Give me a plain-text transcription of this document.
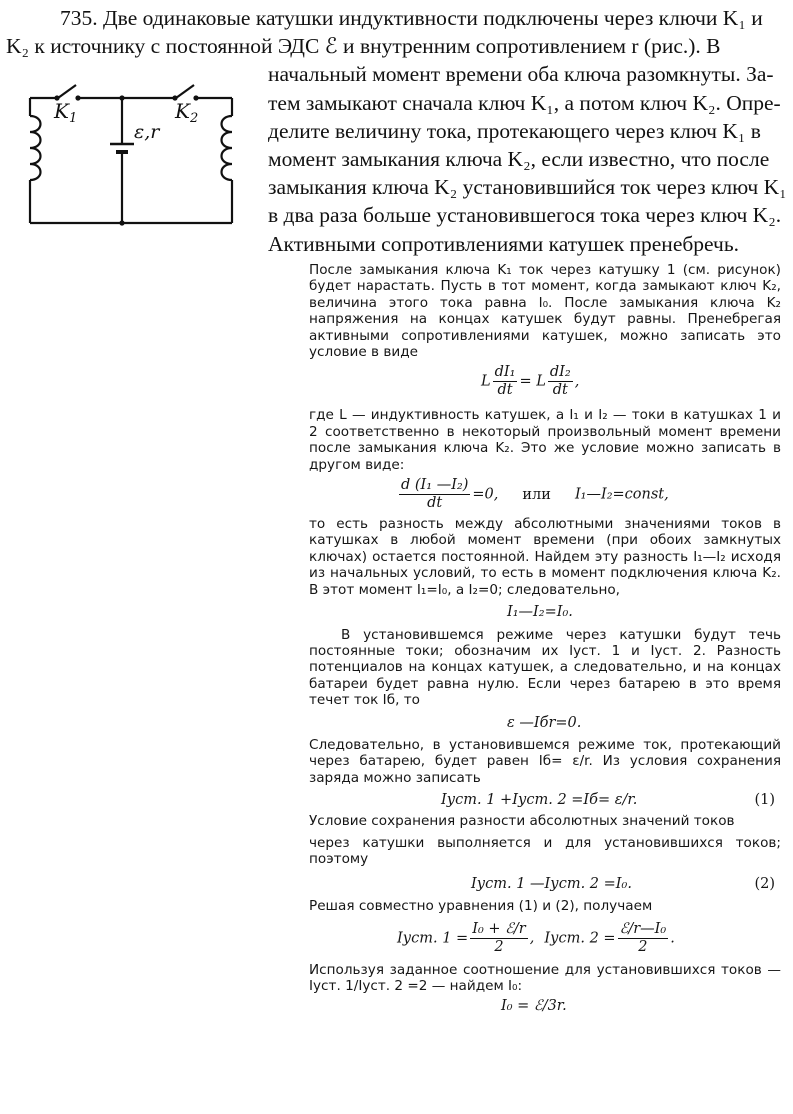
735. Две одинаковые катушки индуктивности подключены через ключи K₁ и

K₂ к источнику с постоянной ЭДС ℰ и внутренним сопротивлением r (рис.). В

начальный момент времени оба ключа разомкнуты. За-

тем замыкают сначала ключ K₁, а потом ключ K₂. Опре-

делите величину тока, протекающего через ключ K₁ в

момент замыкания ключа K₂, если известно, что после

замыкания ключа K₂ установившийся ток через ключ K₁

в два раза больше установившегося тока через ключ K₂.

Активными сопротивлениями катушек пренебречь.

$K_1$	$K_2$
ε,r

После замыкания ключа K₁ ток через катушку 1 (см. рисунок) будет нарастать. Пусть в тот момент, когда замыкают ключ K₂, величина этого тока равна I₀. После замыкания ключа K₂ напряжения на концах катушек будут равны. Пренебрегая активными сопротивлениями катушек, можно записать это условие в виде

L $\frac{\text{dI₁}}{dt} = L \frac{\text{dI₂}}{dt}$ ,

где L — индуктивность катушек, а I₁ и I₂ — токи в катушках 1 и 2 соответственно в некоторый произвольный момент времени после замыкания ключа K₂. Это же условие можно записать в другом виде:

$\frac{\text{d (I₁ —I₂)}}{dt} =0$, или I₁—I₂=const,

то есть разность между абсолютными значениями токов в катушках в любой момент времени (при обоих замкнутых ключах) остается постоянной. Найдем эту разность I₁—I₂ исходя из начальных условий, то есть в момент подключения ключа K₂. В этот момент I₁=I₀, а I₂=0; следовательно,

I₁—I₂=I₀.

В установившемся режиме через катушки будут течь постоянные токи; обозначим их Iуст. 1 и Iуст. 2. Разность потенциалов на концах катушек, а следовательно, и на концах батареи будет равна нулю. Если через батарею в это время течет ток Iб, то

ε —Iбr=0.

Следовательно, в установившемся режиме ток, протекающий через батарею, будет равен Iб= ε/r. Из условия сохранения заряда можно записать

Iуст. 1 +Iуст. 2 =Iб= ε/r.	(1)

Условие сохранения разности абсолютных значений токов

через катушки выполняется и для установившихся токов; поэтому

Iуст. 1 —Iуст. 2 =I₀.	(2)

Решая совместно уравнения (1) и (2), получаем

Iуст. $1 = \frac{\text{I₀ + ℰ/r}}{2}$ , Iуст. $2 = \frac{\text{ℰ/r—I₀}}{2}$ .

Используя заданное соотношение для установившихся токов — Iуст. 1/Iуст. 2 =2 — найдем I₀:

I₀ = ℰ/3r.
